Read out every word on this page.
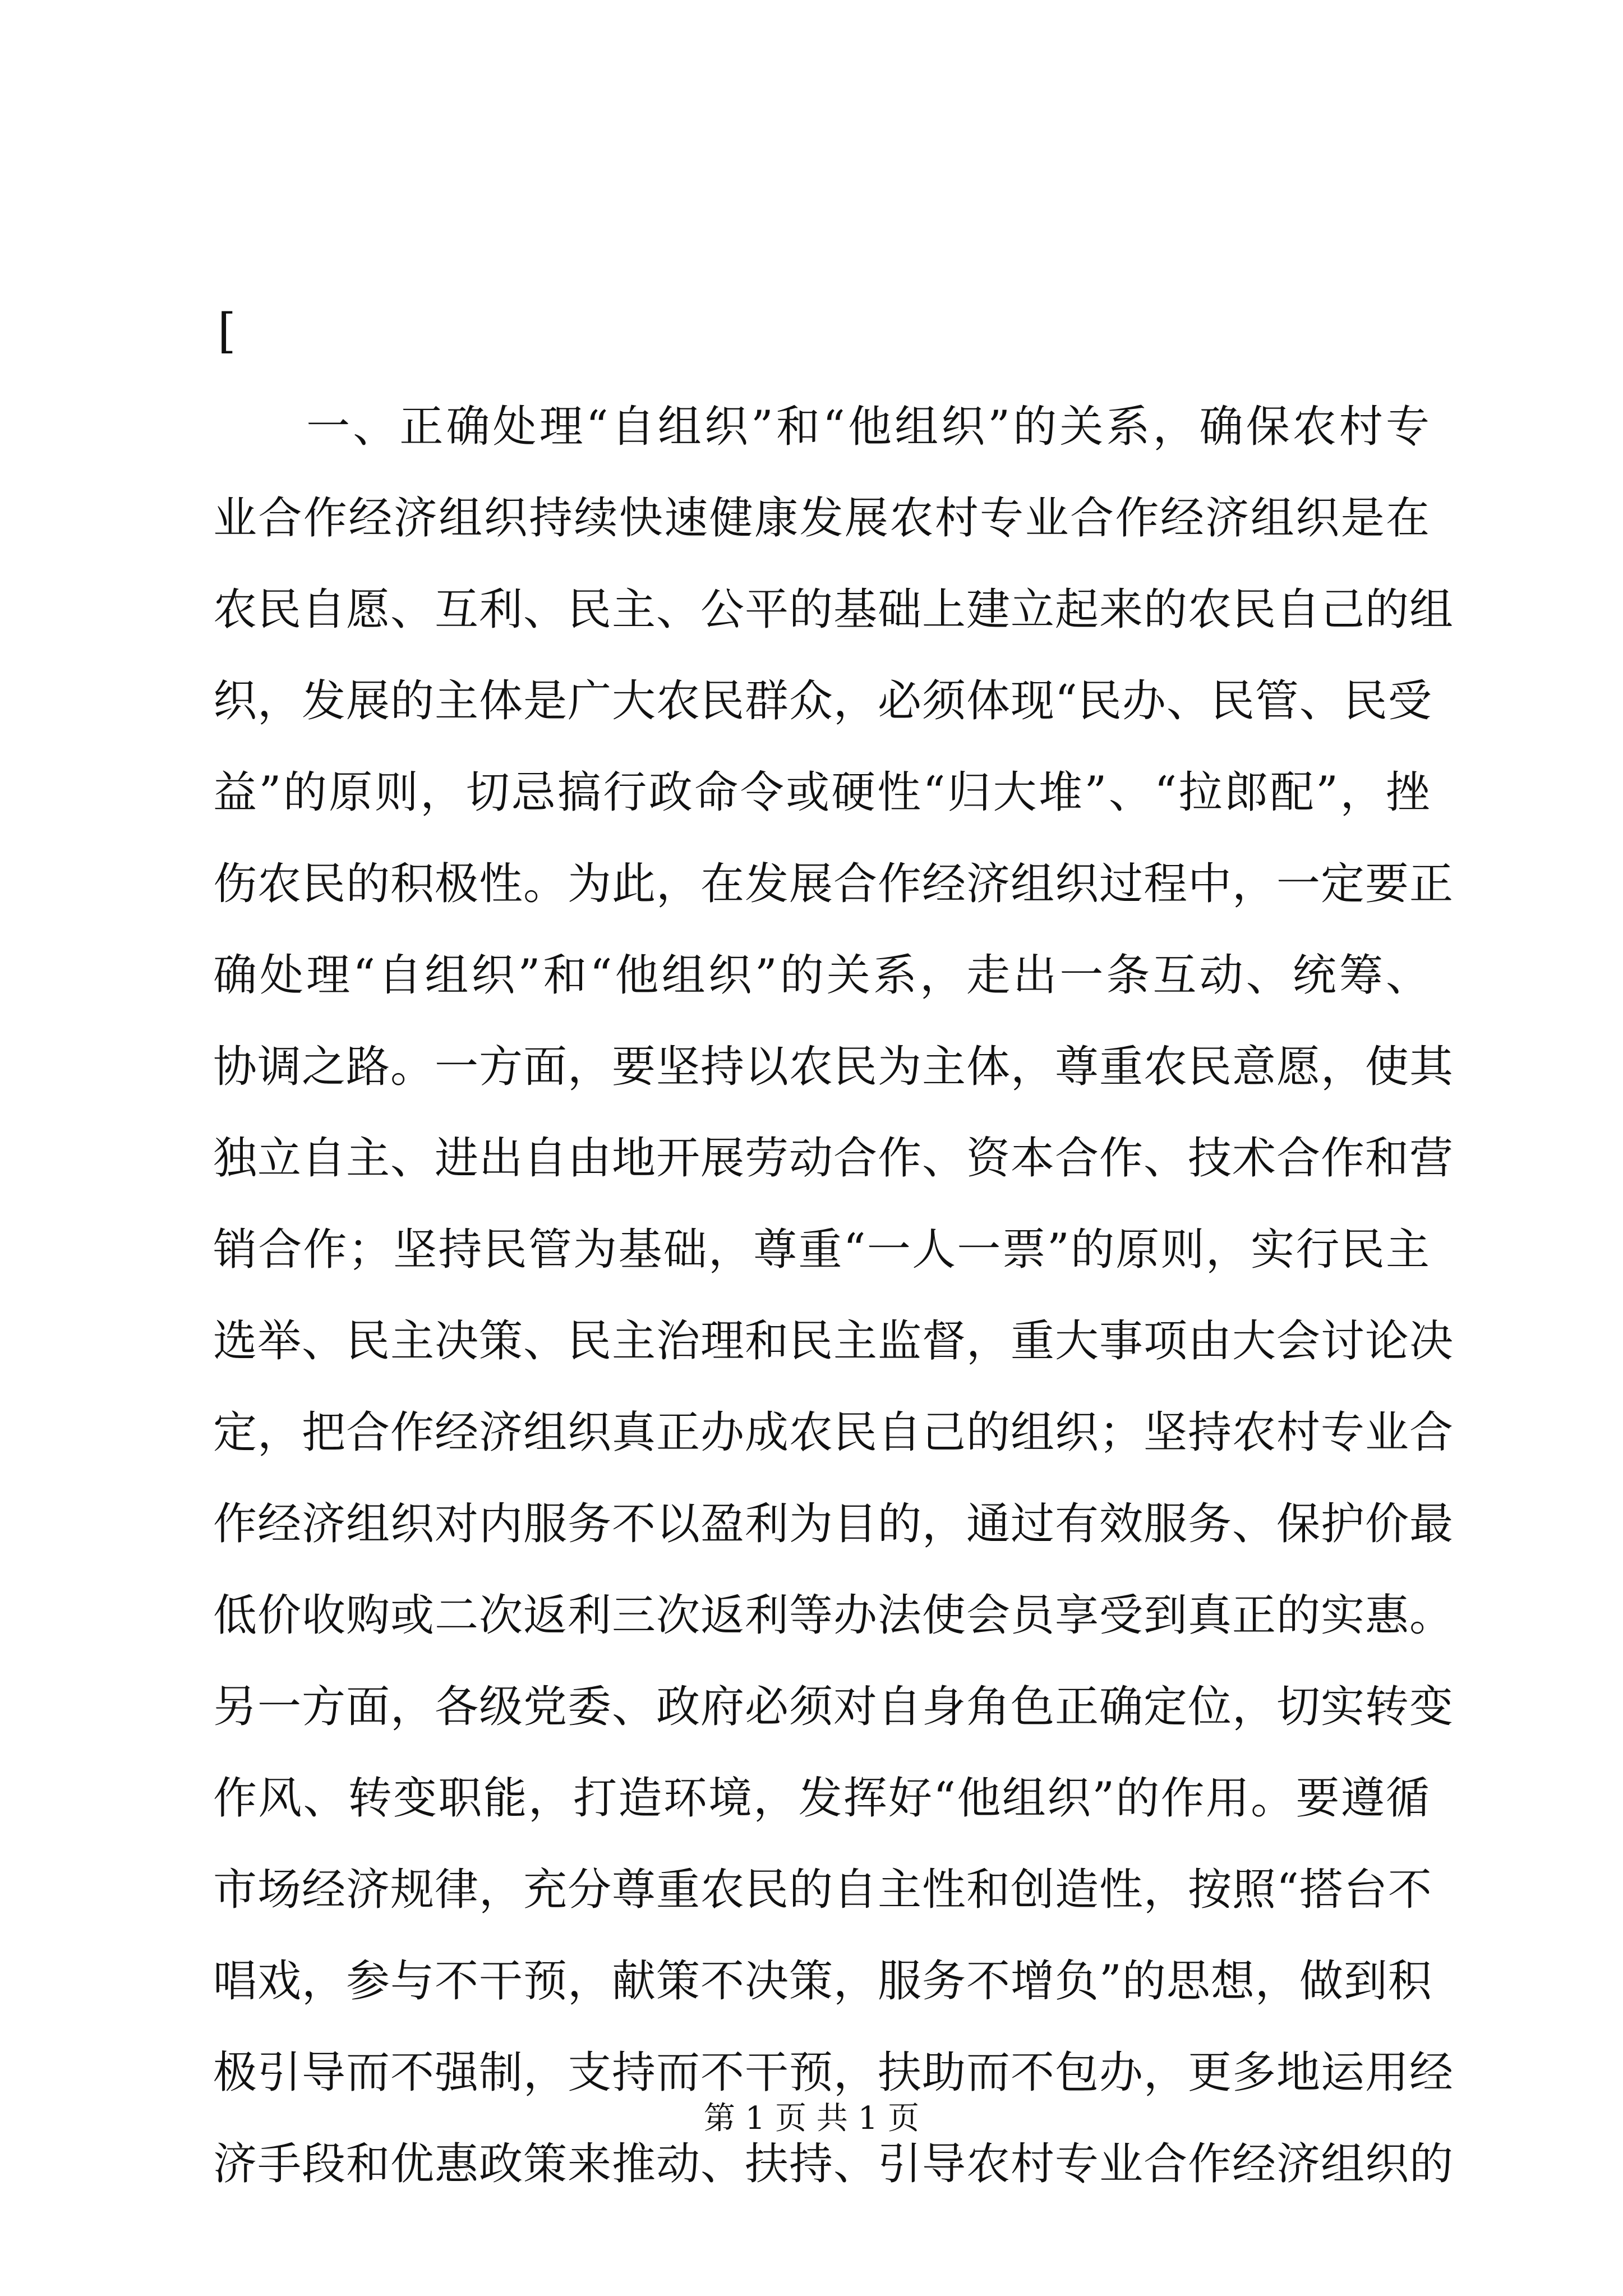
[
　　一、正确处理“自组织”和“他组织”的关系，确保农村专
业合作经济组织持续快速健康发展农村专业合作经济组织是在
农民自愿、互利、民主、公平的基础上建立起来的农民自己的组
织，发展的主体是广大农民群众，必须体现“民办、民管、民受
益”的原则，切忌搞行政命令或硬性“归大堆”、“拉郎配”，挫
伤农民的积极性。为此，在发展合作经济组织过程中，一定要正
确处理“自组织”和“他组织”的关系，走出一条互动、统筹、
协调之路。一方面，要坚持以农民为主体，尊重农民意愿，使其
独立自主、进出自由地开展劳动合作、资本合作、技术合作和营
销合作；坚持民管为基础，尊重“一人一票”的原则，实行民主
选举、民主决策、民主治理和民主监督，重大事项由大会讨论决
定，把合作经济组织真正办成农民自己的组织；坚持农村专业合
作经济组织对内服务不以盈利为目的，通过有效服务、保护价最
低价收购或二次返利三次返利等办法使会员享受到真正的实惠。
另一方面，各级党委、政府必须对自身角色正确定位，切实转变
作风、转变职能，打造环境，发挥好“他组织”的作用。要遵循
市场经济规律，充分尊重农民的自主性和创造性，按照“搭台不
唱戏，参与不干预，献策不决策，服务不增负”的思想，做到积
极引导而不强制，支持而不干预，扶助而不包办，更多地运用经
济手段和优惠政策来推动、扶持、引导农村专业合作经济组织的
第 1 页 共 1 页
